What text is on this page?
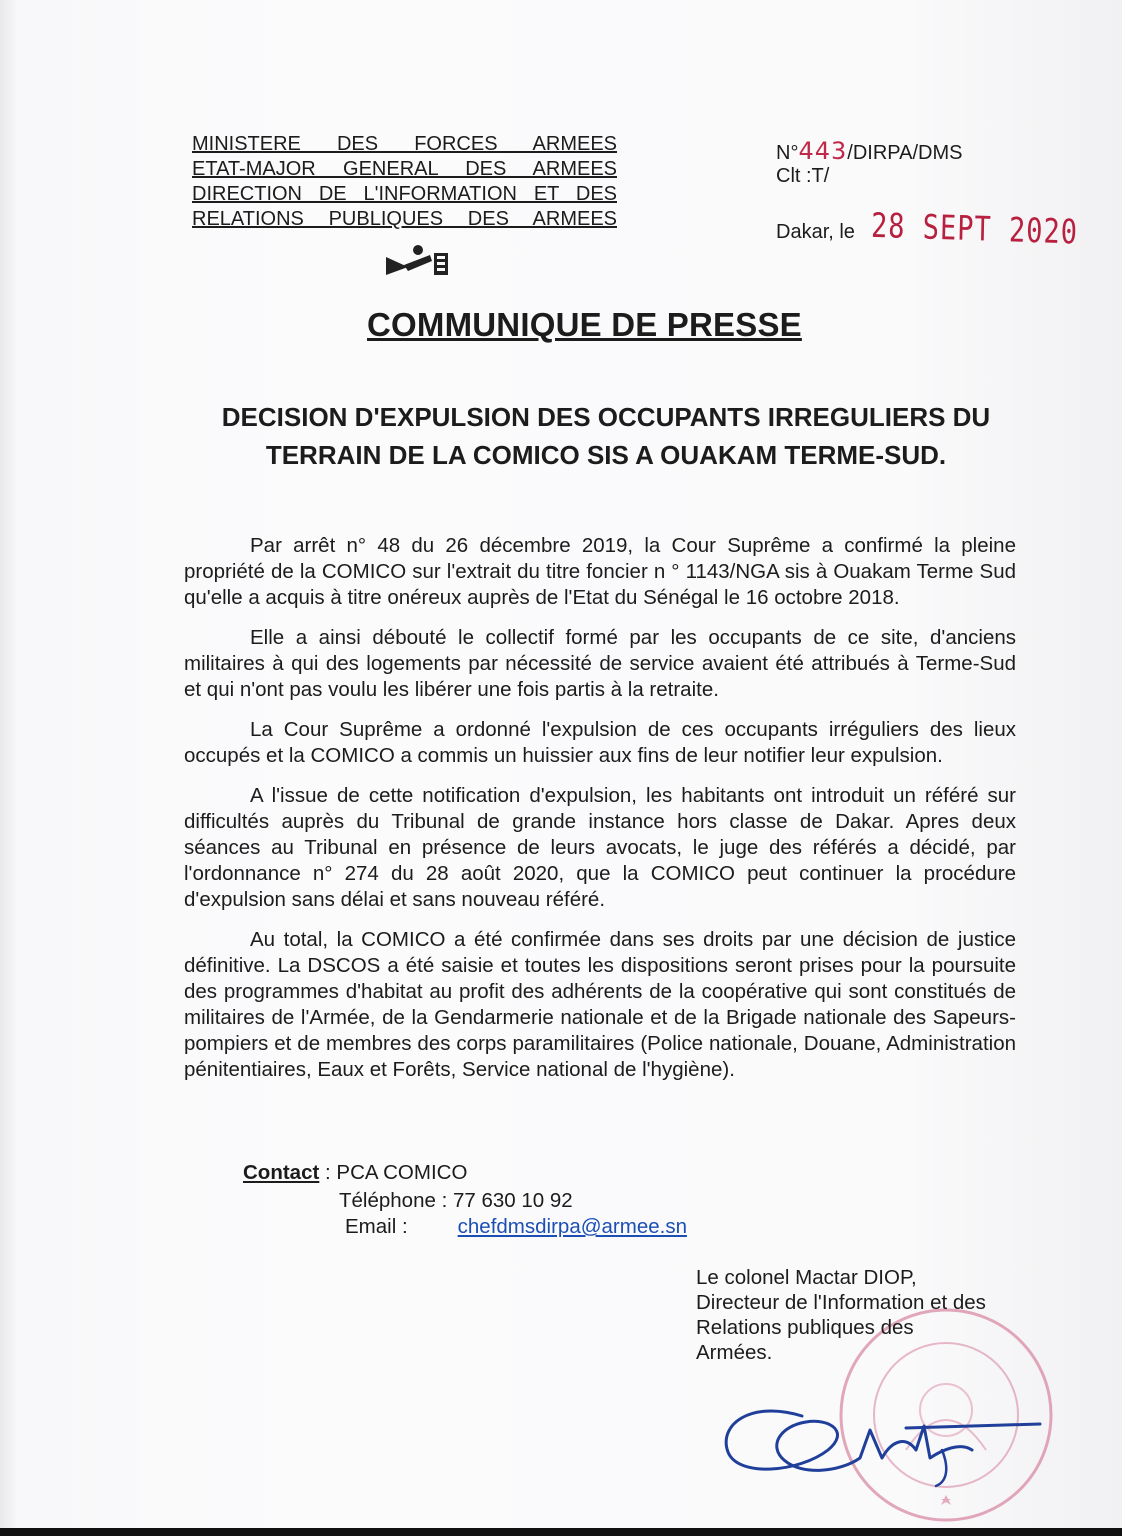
MINISTERE DES FORCES ARMEES
ETAT-MAJOR GENERAL DES ARMEES
DIRECTION DE L'INFORMATION ET DES
RELATIONS PUBLIQUES DES ARMEES
N°443/DIRPA/DMS
Clt :T/
Dakar, le 28 SEPT 2020
COMMUNIQUE DE PRESSE
DECISION D'EXPULSION DES OCCUPANTS IRREGULIERS DU TERRAIN DE LA COMICO SIS A OUAKAM TERME-SUD.

Par arrêt n° 48 du 26 décembre 2019, la Cour Suprême a confirmé la pleine propriété de la COMICO sur l'extrait du titre foncier n ° 1143/NGA sis à Ouakam Terme Sud qu'elle a acquis à titre onéreux auprès de l'Etat du Sénégal le 16 octobre 2018.

Elle a ainsi débouté le collectif formé par les occupants de ce site, d'anciens militaires à qui des logements par nécessité de service avaient été attribués à Terme-Sud et qui n'ont pas voulu les libérer une fois partis à la retraite.

La Cour Suprême a ordonné l'expulsion de ces occupants irréguliers des lieux occupés et la COMICO a commis un huissier aux fins de leur notifier leur expulsion.

A l'issue de cette notification d'expulsion, les habitants ont introduit un référé sur difficultés auprès du Tribunal de grande instance hors classe de Dakar. Apres deux séances au Tribunal en présence de leurs avocats, le juge des référés a décidé, par l'ordonnance n° 274 du 28 août 2020, que la COMICO peut continuer la procédure d'expulsion sans délai et sans nouveau référé.

Au total, la COMICO a été confirmée dans ses droits par une décision de justice définitive. La DSCOS a été saisie et toutes les dispositions seront prises pour la poursuite des programmes d'habitat au profit des adhérents de la coopérative qui sont constitués de militaires de l'Armée, de la Gendarmerie nationale et de la Brigade nationale des Sapeurs-pompiers et de membres des corps paramilitaires (Police nationale, Douane, Administration pénitentiaires, Eaux et Forêts, Service national de l'hygiène).

Contact : PCA COMICO
Téléphone : 77 630 10 92
Email : chefdmsdirpa@armee.sn
Le colonel Mactar DIOP,
Directeur de l'Information et des
Relations publiques des
Armées.
